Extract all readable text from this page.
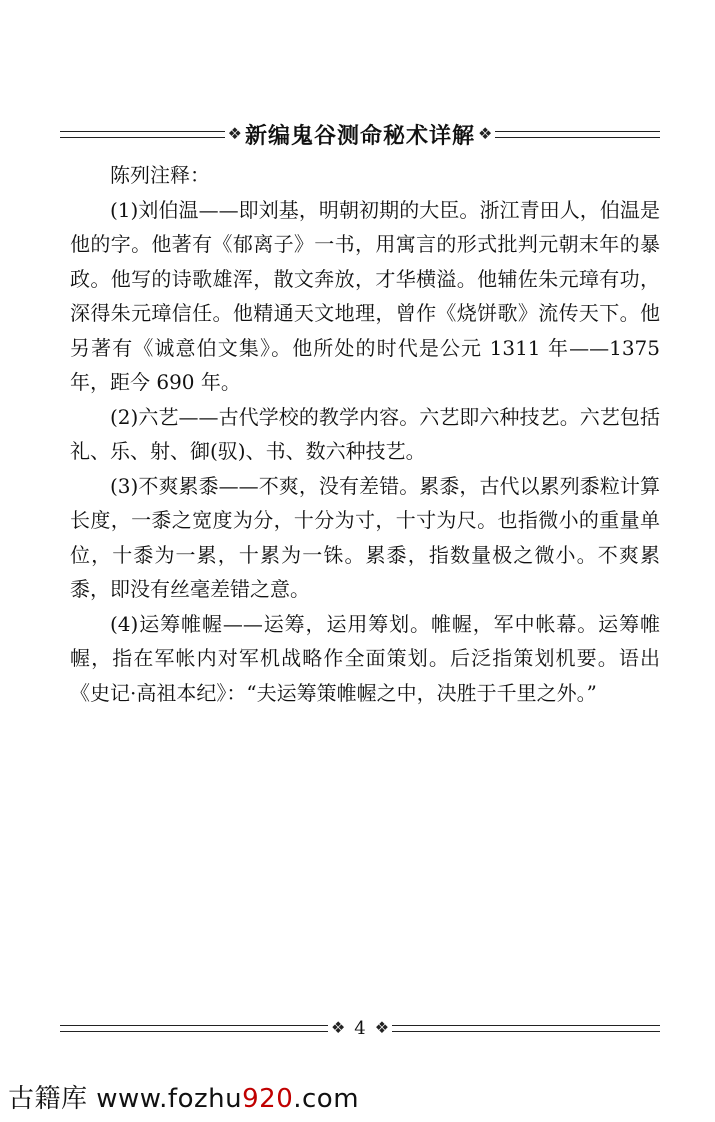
❖ 新编鬼谷测命秘术详解 ❖

陈列注释：

(1)刘伯温——即刘基，明朝初期的大臣。浙江青田人，伯温是他的字。他著有《郁离子》一书，用寓言的形式批判元朝末年的暴政。他写的诗歌雄浑，散文奔放，才华横溢。他辅佐朱元璋有功，深得朱元璋信任。他精通天文地理，曾作《烧饼歌》流传天下。他另著有《诚意伯文集》。他所处的时代是公元 1311 年——1375 年，距今 690 年。

(2)六艺——古代学校的教学内容。六艺即六种技艺。六艺包括礼、乐、射、御(驭)、书、数六种技艺。

(3)不爽累黍——不爽，没有差错。累黍，古代以累列黍粒计算长度，一黍之宽度为分，十分为寸，十寸为尺。也指微小的重量单位，十黍为一累，十累为一铢。累黍，指数量极之微小。不爽累黍，即没有丝毫差错之意。

(4)运筹帷幄——运筹，运用筹划。帷幄，军中帐幕。运筹帷幄，指在军帐内对军机战略作全面策划。后泛指策划机要。语出《史记·高祖本纪》：“夫运筹策帷幄之中，决胜于千里之外。”

❖ 4 ❖
古籍库 www.fozhu920.com
